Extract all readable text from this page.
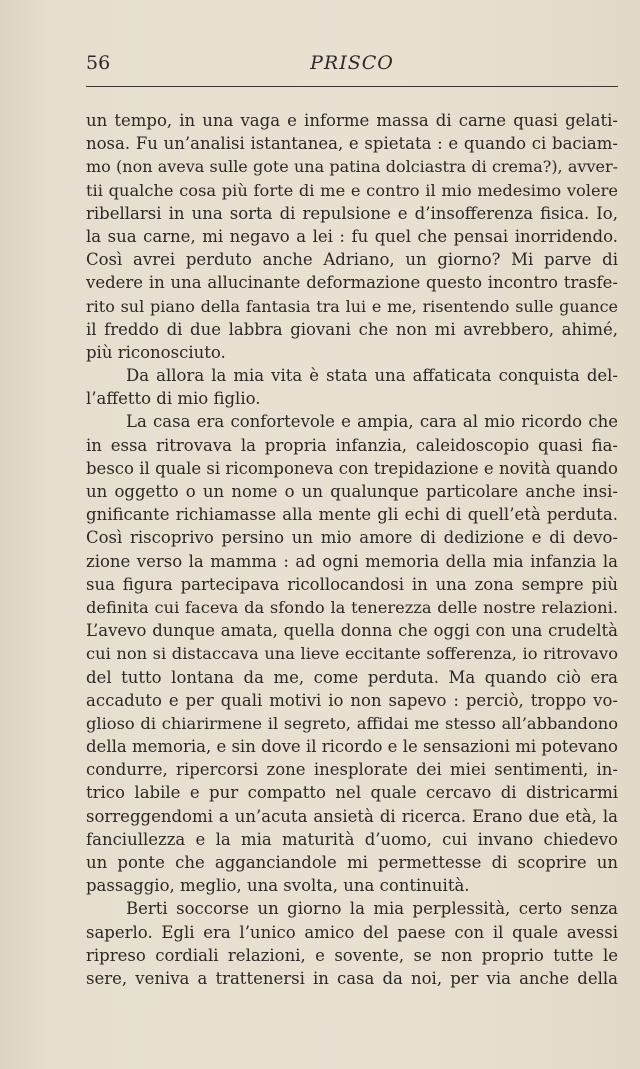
56	PRISCO
un tempo, in una vaga e informe massa di carne quasi gelati-
nosa. Fu un’analisi istantanea, e spietata : e quando ci baciam-
mo (non aveva sulle gote una patina dolciastra di crema?), avver-
tii qualche cosa più forte di me e contro il mio medesimo volere
ribellarsi in una sorta di repulsione e d’insofferenza fisica. Io,
la sua carne, mi negavo a lei : fu quel che pensai inorridendo.
Così avrei perduto anche Adriano, un giorno? Mi parve di
vedere in una allucinante deformazione questo incontro trasfe-
rito sul piano della fantasia tra lui e me, risentendo sulle guance
il freddo di due labbra giovani che non mi avrebbero, ahimé,
più riconosciuto.
Da allora la mia vita è stata una affaticata conquista del-
l’affetto di mio figlio.
La casa era confortevole e ampia, cara al mio ricordo che
in essa ritrovava la propria infanzia, caleidoscopio quasi fia-
besco il quale si ricomponeva con trepidazione e novità quando
un oggetto o un nome o un qualunque particolare anche insi-
gnificante richiamasse alla mente gli echi di quell’età perduta.
Così riscoprivo persino un mio amore di dedizione e di devo-
zione verso la mamma : ad ogni memoria della mia infanzia la
sua figura partecipava ricollocandosi in una zona sempre più
definita cui faceva da sfondo la tenerezza delle nostre relazioni.
L’avevo dunque amata, quella donna che oggi con una crudeltà
cui non si distaccava una lieve eccitante sofferenza, io ritrovavo
del tutto lontana da me, come perduta. Ma quando ciò era
accaduto e per quali motivi io non sapevo : perciò, troppo vo-
glioso di chiarirmene il segreto, affidai me stesso all’abbandono
della memoria, e sin dove il ricordo e le sensazioni mi potevano
condurre, ripercorsi zone inesplorate dei miei sentimenti, in-
trico labile e pur compatto nel quale cercavo di districarmi
sorreggendomi a un’acuta ansietà di ricerca. Erano due età, la
fanciullezza e la mia maturità d’uomo, cui invano chiedevo
un ponte che agganciandole mi permettesse di scoprire un
passaggio, meglio, una svolta, una continuità.
Berti soccorse un giorno la mia perplessità, certo senza
saperlo. Egli era l’unico amico del paese con il quale avessi
ripreso cordiali relazioni, e sovente, se non proprio tutte le
sere, veniva a trattenersi in casa da noi, per via anche della
